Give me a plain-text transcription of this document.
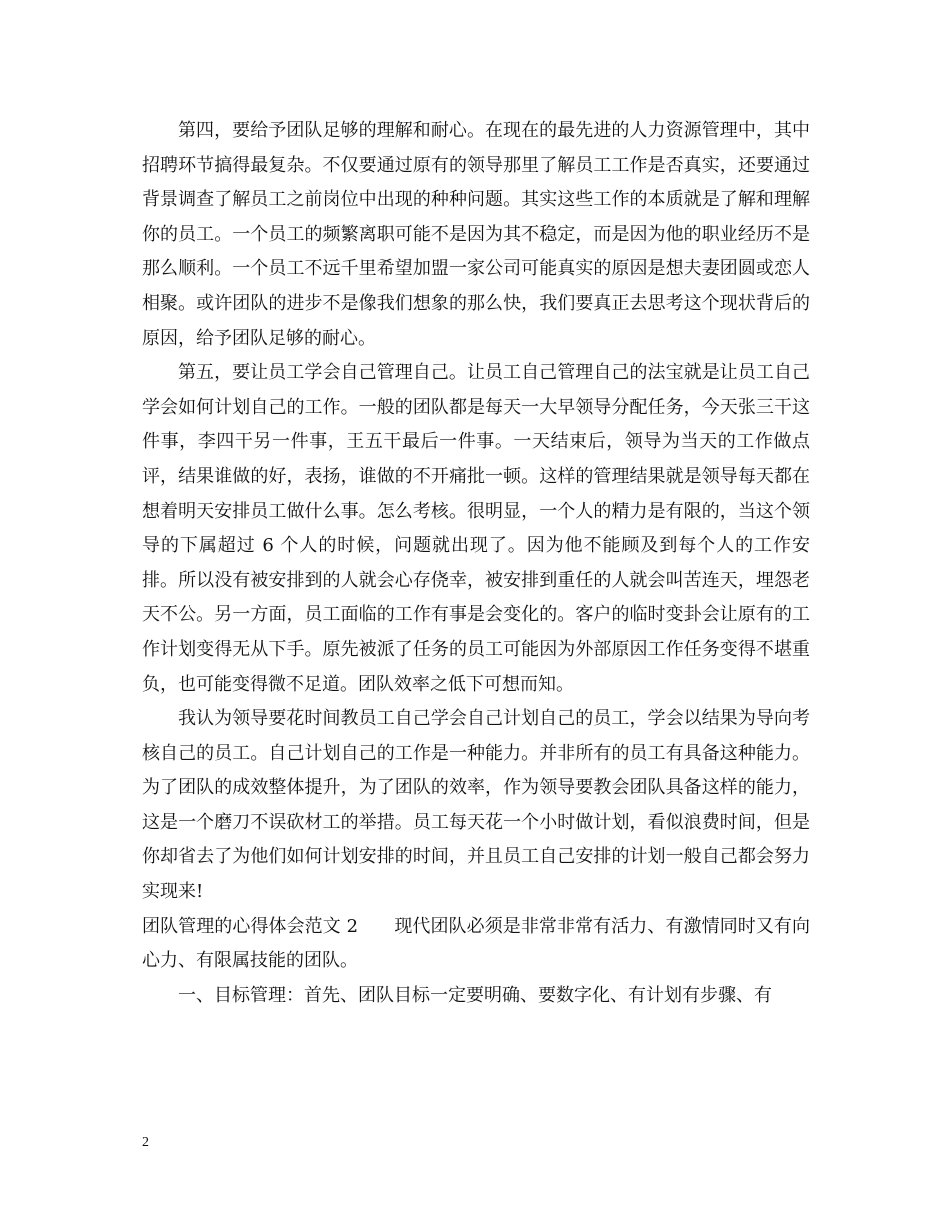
第四，要给予团队足够的理解和耐心。在现在的最先进的人力资源管理中，其中招聘环节搞得最复杂。不仅要通过原有的领导那里了解员工工作是否真实，还要通过背景调查了解员工之前岗位中出现的种种问题。其实这些工作的本质就是了解和理解你的员工。一个员工的频繁离职可能不是因为其不稳定，而是因为他的职业经历不是那么顺利。一个员工不远千里希望加盟一家公司可能真实的原因是想夫妻团圆或恋人相聚。或许团队的进步不是像我们想象的那么快，我们要真正去思考这个现状背后的原因，给予团队足够的耐心。

第五，要让员工学会自己管理自己。让员工自己管理自己的法宝就是让员工自己学会如何计划自己的工作。一般的团队都是每天一大早领导分配任务，今天张三干这件事，李四干另一件事，王五干最后一件事。一天结束后，领导为当天的工作做点评，结果谁做的好，表扬，谁做的不开痛批一顿。这样的管理结果就是领导每天都在想着明天安排员工做什么事。怎么考核。很明显，一个人的精力是有限的，当这个领导的下属超过 6 个人的时候，问题就出现了。因为他不能顾及到每个人的工作安排。所以没有被安排到的人就会心存侥幸，被安排到重任的人就会叫苦连天，埋怨老天不公。另一方面，员工面临的工作有事是会变化的。客户的临时变卦会让原有的工作计划变得无从下手。原先被派了任务的员工可能因为外部原因工作任务变得不堪重负，也可能变得微不足道。团队效率之低下可想而知。

我认为领导要花时间教员工自己学会自己计划自己的员工，学会以结果为导向考核自己的员工。自己计划自己的工作是一种能力。并非所有的员工有具备这种能力。为了团队的成效整体提升，为了团队的效率，作为领导要教会团队具备这样的能力，这是一个磨刀不误砍材工的举措。员工每天花一个小时做计划，看似浪费时间，但是你却省去了为他们如何计划安排的时间，并且员工自己安排的计划一般自己都会努力实现来!

团队管理的心得体会范文 2　　现代团队必须是非常非常有活力、有激情同时又有向心力、有限属技能的团队。

一、目标管理：首先、团队目标一定要明确、要数字化、有计划有步骤、有

2
